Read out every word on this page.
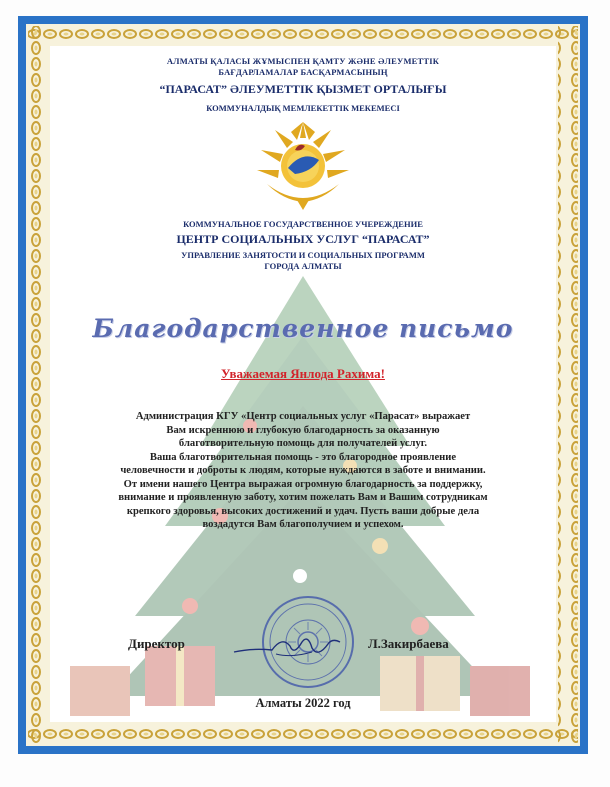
АЛМАТЫ ҚАЛАСЫ ЖҰМЫСПЕН ҚАМТУ ЖӘНЕ ӘЛЕУМЕТТІК
БАҒДАРЛАМАЛАР БАСҚАРМАСЫНЫҢ
“ПАРАСАТ” ӘЛЕУМЕТТІК ҚЫЗМЕТ ОРТАЛЫҒЫ
КОММУНАЛДЫҚ МЕМЛЕКЕТТІК МЕКЕМЕСІ
КОММУНАЛЬНОЕ ГОСУДАРСТВЕННОЕ УЧЕРЕЖДЕНИЕ
ЦЕНТР СОЦИАЛЬНЫХ УСЛУГ “ПАРАСАТ”
УПРАВЛЕНИЕ ЗАНЯТОСТИ И СОЦИАЛЬНЫХ ПРОГРАММ
ГОРОДА АЛМАТЫ
Благодарственное письмо
Уважаемая Янлода Рахима!
Администрация КГУ «Центр социальных услуг «Парасат» выражает
Вам искреннюю и глубокую благодарность за оказанную
благотворительную помощь для получателей услуг.
Ваша благотворительная помощь - это благородное проявление
человечности и доброты к людям, которые нуждаются в заботе и внимании.
От имени нашего Центра выражая огромную благодарность за поддержку,
внимание и проявленную заботу, хотим пожелать Вам и Вашим сотрудникам
крепкого здоровья, высоких достижений и удач. Пусть ваши добрые дела
воздадутся Вам благополучием и успехом.
Директор	Л.Закирбаева
Алматы 2022 год
